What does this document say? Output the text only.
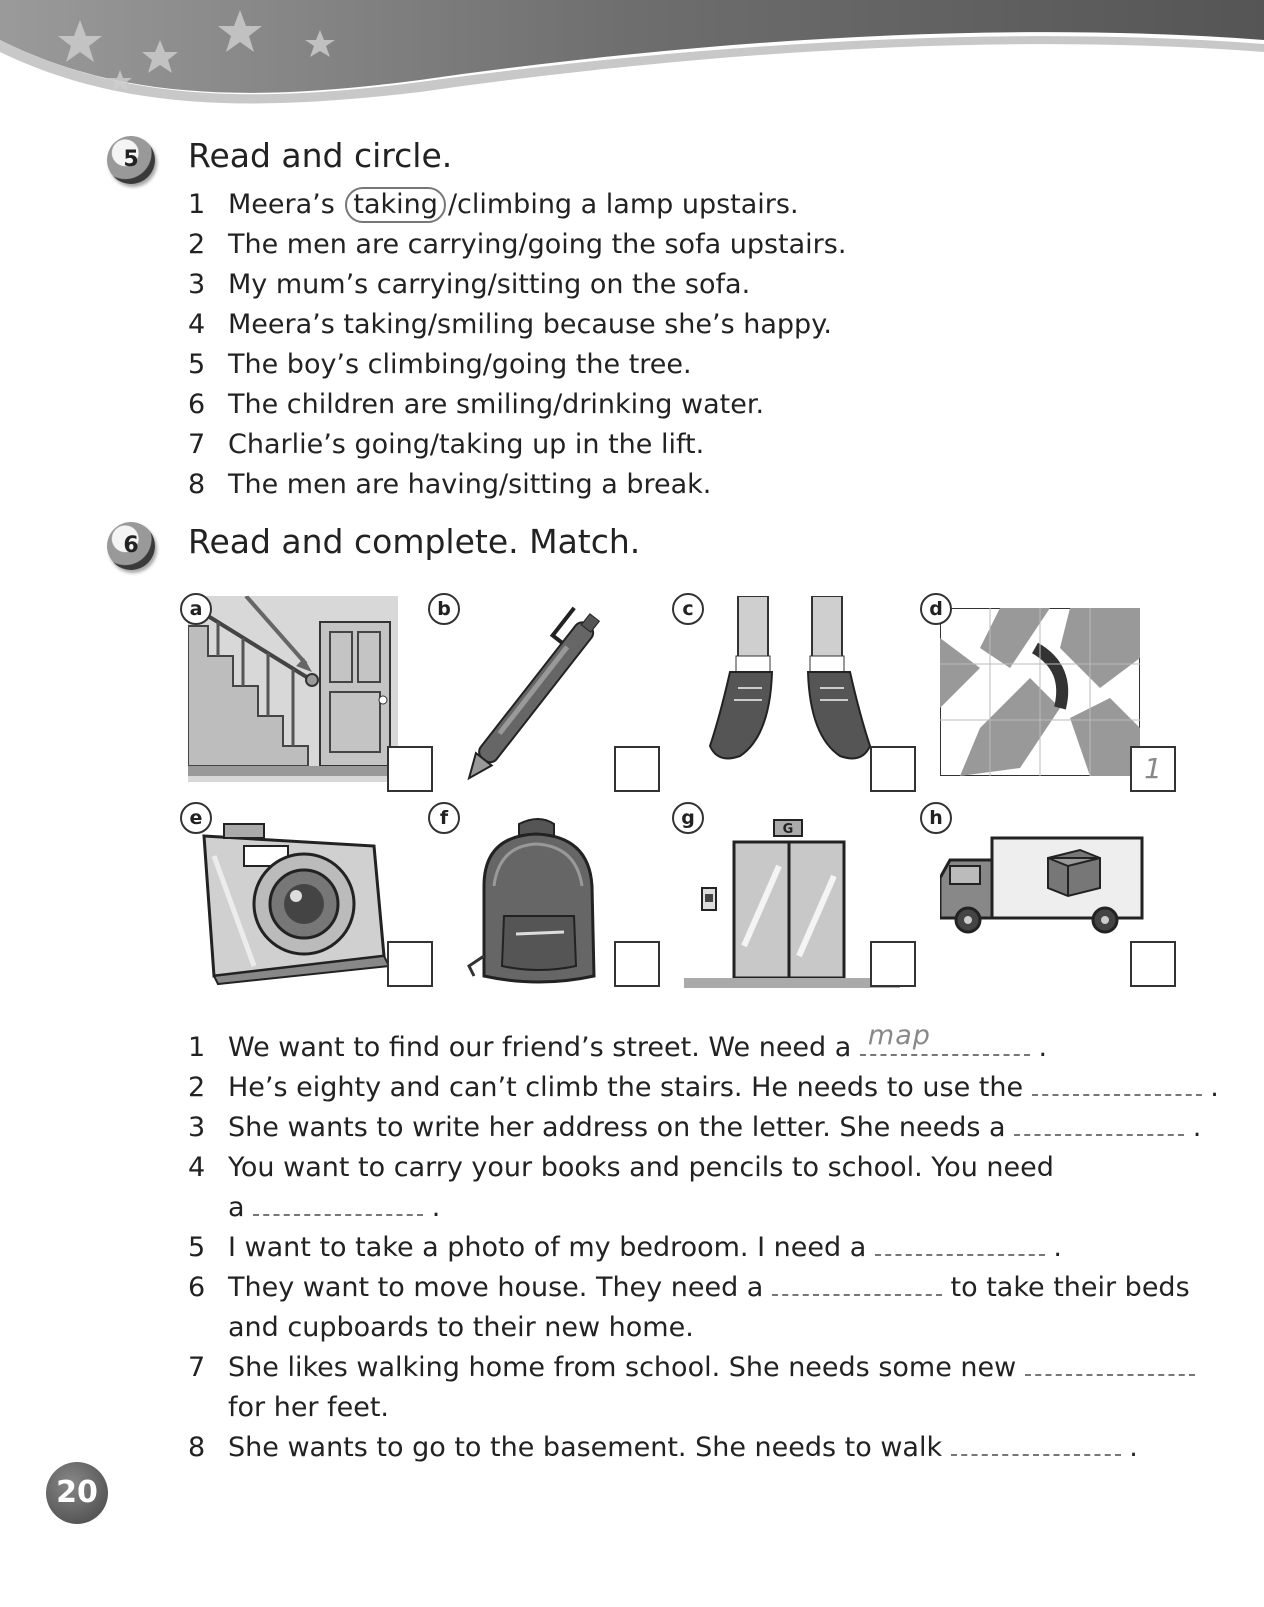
5	Read and circle.
1 Meera’s taking /climbing a lamp upstairs.
2 The men are carrying/going the sofa upstairs.
3 My mum’s carrying/sitting on the sofa.
4 Meera’s taking/smiling because she’s happy.
5 The boy’s climbing/going the tree.
6 The children are smiling/drinking water.
7 Charlie’s going/taking up in the lift.
8 The men are having/sitting a break.
6	Read and complete. Match.
a	b	c	d
1
e	f
G
g	h
1 We want to find our friend’s street. We need a map	.
2 He’s eighty and can’t climb the stairs. He needs to use the	.
3 She wants to write her address on the letter. She needs a	.
4 You want to carry your books and pencils to school. You need
a	.
5 I want to take a photo of my bedroom. I need a	.
6 They want to move house. They need a	to take their beds
and cupboards to their new home.
7 She likes walking home from school. She needs some new
for her feet.
8 She wants to go to the basement. She needs to walk	.
20
